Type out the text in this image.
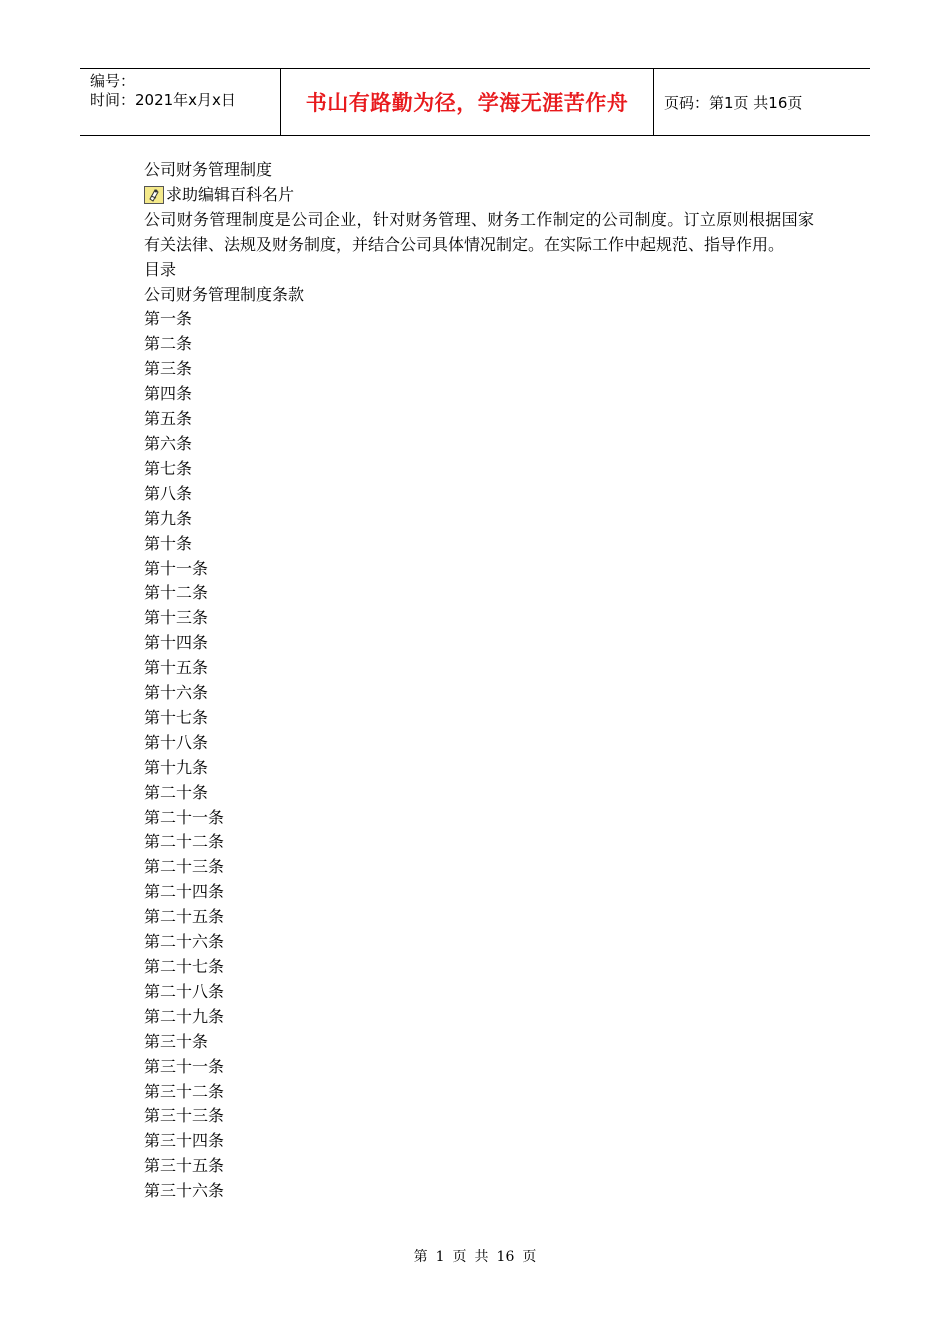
编号：
时间：2021年x月x日	书山有路勤为径，学海无涯苦作舟 页码：第1页 共16页

公司财务管理制度

求助编辑百科名片

公司财务管理制度是公司企业，针对财务管理、财务工作制定的公司制度。订立原则根据国家有关法律、法规及财务制度，并结合公司具体情况制定。在实际工作中起规范、指导作用。

目录

公司财务管理制度条款

第一条

第二条

第三条

第四条

第五条

第六条

第七条

第八条

第九条

第十条

第十一条

第十二条

第十三条

第十四条

第十五条

第十六条

第十七条

第十八条

第十九条

第二十条

第二十一条

第二十二条

第二十三条

第二十四条

第二十五条

第二十六条

第二十七条

第二十八条

第二十九条

第三十条

第三十一条

第三十二条

第三十三条

第三十四条

第三十五条

第三十六条

第 1 页 共 16 页
